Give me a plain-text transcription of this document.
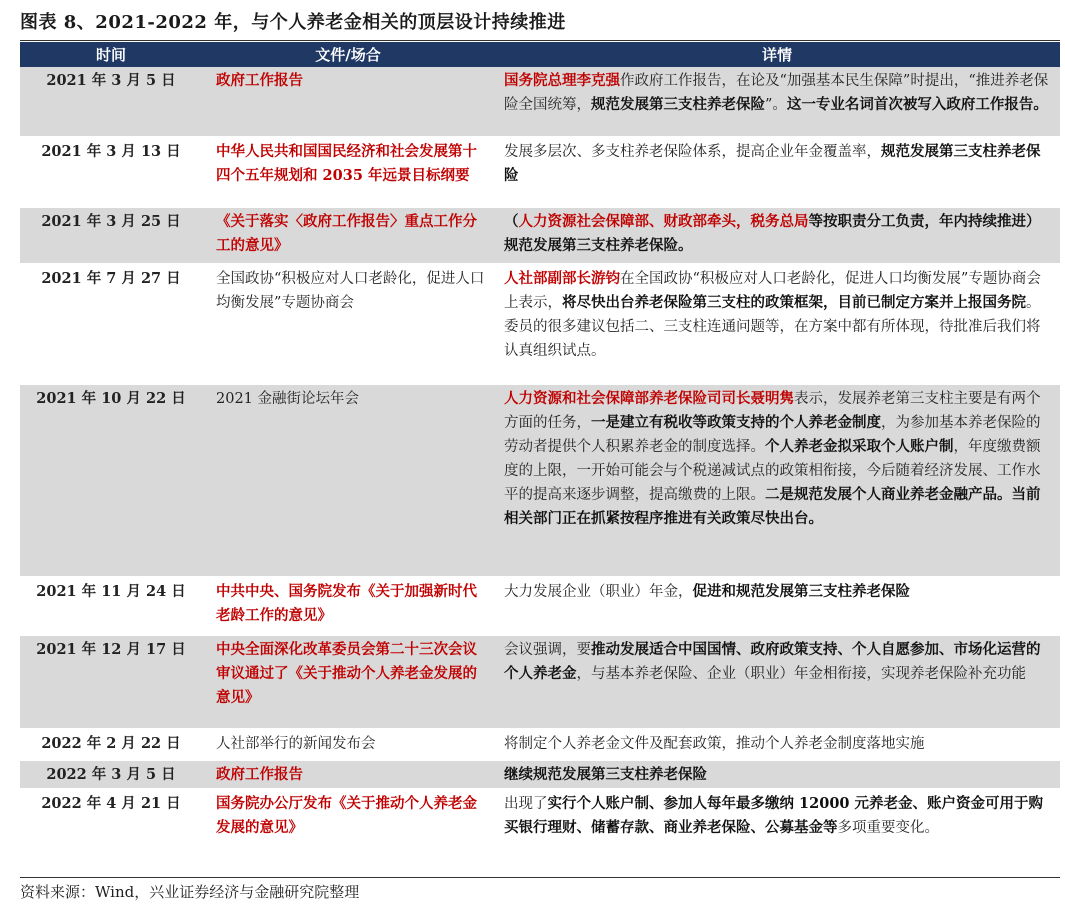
图表 8、2021-2022 年，与个人养老金相关的顶层设计持续推进
时间	文件/场合	详情
2021 年 3 月 5 日	政府工作报告	国务院总理李克强作政府工作报告，在论及“加强基本民生保障”时提出，“推进养老保险全国统筹，规范发展第三支柱养老保险”。这一专业名词首次被写入政府工作报告。
2021 年 3 月 13 日	中华人民共和国国民经济和社会发展第十四个五年规划和 2035 年远景目标纲要	发展多层次、多支柱养老保险体系，提高企业年金覆盖率，规范发展第三支柱养老保险
2021 年 3 月 25 日	《关于落实〈政府工作报告〉重点工作分工的意见》	（人力资源社会保障部、财政部牵头，税务总局等按职责分工负责，年内持续推进）规范发展第三支柱养老保险。
2021 年 7 月 27 日	全国政协“积极应对人口老龄化，促进人口均衡发展”专题协商会	人社部副部长游钧在全国政协“积极应对人口老龄化，促进人口均衡发展”专题协商会上表示，将尽快出台养老保险第三支柱的政策框架，目前已制定方案并上报国务院。委员的很多建议包括二、三支柱连通问题等，在方案中都有所体现，待批准后我们将认真组织试点。
2021 年 10 月 22 日	2021 金融街论坛年会	人力资源和社会保障部养老保险司司长聂明隽表示，发展养老第三支柱主要是有两个方面的任务，一是建立有税收等政策支持的个人养老金制度，为参加基本养老保险的劳动者提供个人积累养老金的制度选择。个人养老金拟采取个人账户制，年度缴费额度的上限，一开始可能会与个税递减试点的政策相衔接，今后随着经济发展、工作水平的提高来逐步调整，提高缴费的上限。二是规范发展个人商业养老金融产品。当前相关部门正在抓紧按程序推进有关政策尽快出台。
2021 年 11 月 24 日	中共中央、国务院发布《关于加强新时代老龄工作的意见》	大力发展企业（职业）年金，促进和规范发展第三支柱养老保险
2021 年 12 月 17 日	中央全面深化改革委员会第二十三次会议审议通过了《关于推动个人养老金发展的意见》	会议强调，要推动发展适合中国国情、政府政策支持、个人自愿参加、市场化运营的个人养老金，与基本养老保险、企业（职业）年金相衔接，实现养老保险补充功能
2022 年 2 月 22 日	人社部举行的新闻发布会	将制定个人养老金文件及配套政策，推动个人养老金制度落地实施
2022 年 3 月 5 日	政府工作报告	继续规范发展第三支柱养老保险
2022 年 4 月 21 日	国务院办公厅发布《关于推动个人养老金发展的意见》	出现了实行个人账户制、参加人每年最多缴纳 12000 元养老金、账户资金可用于购买银行理财、储蓄存款、商业养老保险、公募基金等多项重要变化。
资料来源：Wind，兴业证券经济与金融研究院整理
